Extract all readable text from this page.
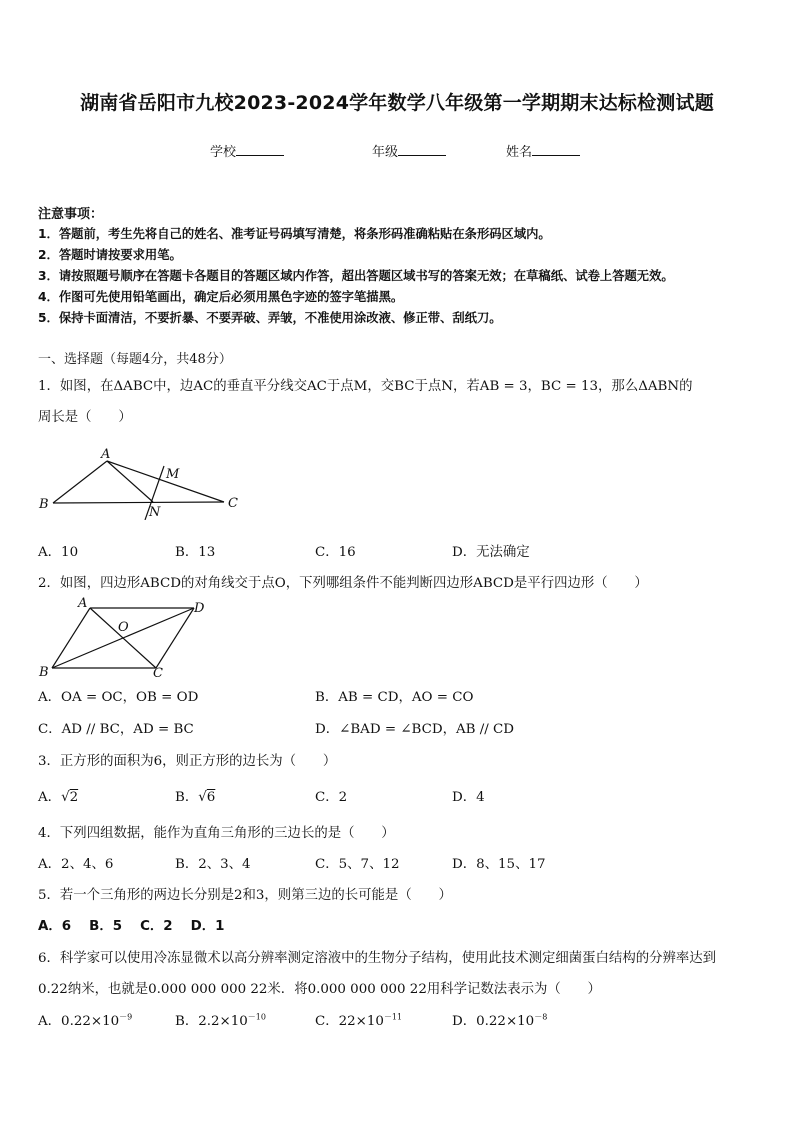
湖南省岳阳市九校2023-2024学年数学八年级第一学期期末达标检测试题
学校	年级	姓名
注意事项：
1．答题前，考生先将自己的姓名、准考证号码填写清楚，将条形码准确粘贴在条形码区域内。
2．答题时请按要求用笔。
3．请按照题号顺序在答题卡各题目的答题区域内作答，超出答题区域书写的答案无效；在草稿纸、试卷上答题无效。
4．作图可先使用铅笔画出，确定后必须用黑色字迹的签字笔描黑。
5．保持卡面清洁，不要折暴、不要弄破、弄皱，不准使用涂改液、修正带、刮纸刀。
一、选择题（每题4分，共48分）
1．如图，在ΔABC中，边AC的垂直平分线交AC于点M，交BC于点N，若AB = 3，BC = 13，那么ΔABN的
周长是（　　）
A
M
B
N
C
A．10	B．13	C．16	D．无法确定
2．如图，四边形ABCD的对角线交于点O，下列哪组条件不能判断四边形ABCD是平行四边形（　　）
A	D
O
B	C
A．OA = OC，OB = OD	B．AB = CD，AO = CO
C．AD // BC，AD = BC	D．∠BAD = ∠BCD，AB // CD
3．正方形的面积为6，则正方形的边长为（　　）
A．√2	B．√6	C．2	D．4
4．下列四组数据，能作为直角三角形的三边长的是（　　）
A．2、4、6	B．2、3、4	C．5、7、12	D．8、15、17
5．若一个三角形的两边长分别是2和3，则第三边的长可能是（　　）
A．6　 B．5　 C．2　 D．1
6．科学家可以使用冷冻显微术以高分辨率测定溶液中的生物分子结构，使用此技术测定细菌蛋白结构的分辨率达到
0.22纳米，也就是0.000 000 000 22米．将0.000 000 000 22用科学记数法表示为（　　）
A．$0.22\times 10^{-9}$	B．$2.2\times 10^{-10}$	C．$22\times 10^{-11}$	D．$0.22\times 10^{-8}$
